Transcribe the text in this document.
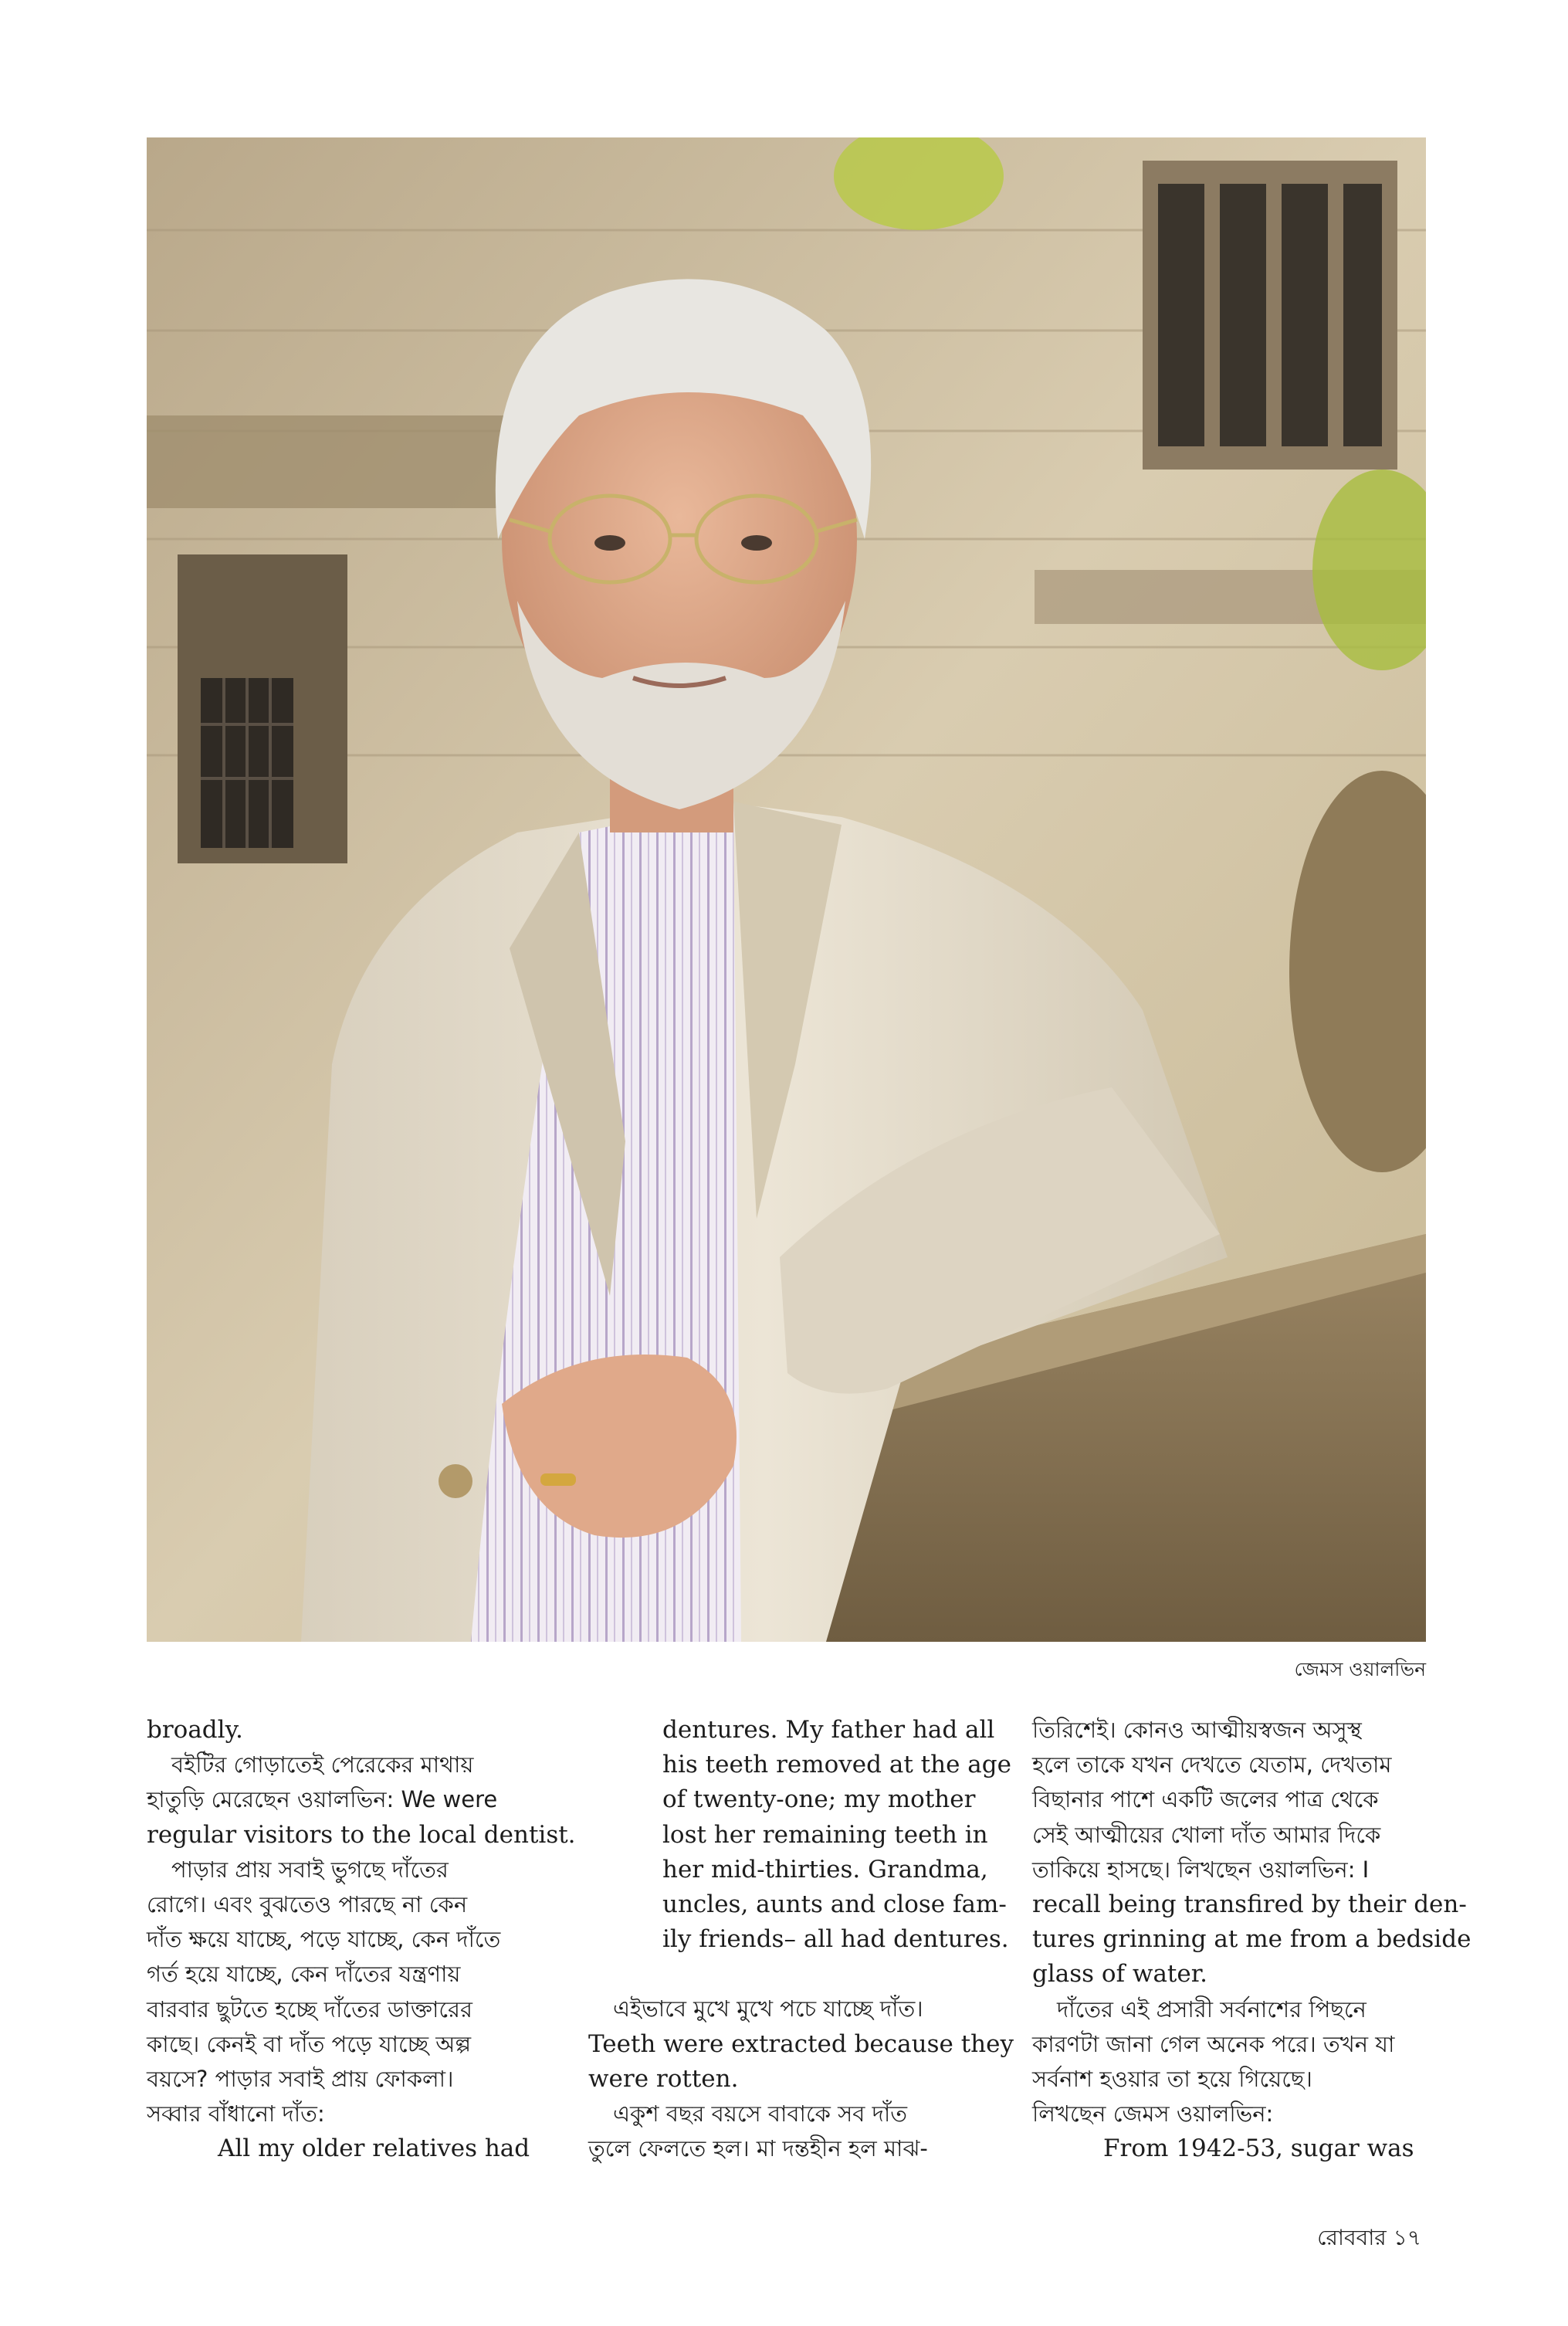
জেমস ওয়ালভিন

broadly.

বইটির গোড়াতেই পেরেকের মাথায়

হাতুড়ি মেরেছেন ওয়ালভিন: We were

regular visitors to the local dentist.

পাড়ার প্রায় সবাই ভুগছে দাঁতের

রোগে। এবং বুঝতেও পারছে না কেন

দাঁত ক্ষয়ে যাচ্ছে, পড়ে যাচ্ছে, কেন দাঁতে

গর্ত হয়ে যাচ্ছে, কেন দাঁতের যন্ত্রণায়

বারবার ছুটতে হচ্ছে দাঁতের ডাক্তারের

কাছে। কেনই বা দাঁত পড়ে যাচ্ছে অল্প

বয়সে? পাড়ার সবাই প্রায় ফোকলা।

সব্বার বাঁধানো দাঁত:

All my older relatives had

dentures. My father had all

his teeth removed at the age

of twenty-one; my mother

lost her remaining teeth in

her mid-thirties. Grandma,

uncles, aunts and close fam-

ily friends– all had dentures.

এইভাবে মুখে মুখে পচে যাচ্ছে দাঁত।

Teeth were extracted because they

were rotten.

একুশ বছর বয়সে বাবাকে সব দাঁত

তুলে ফেলতে হল। মা দন্তহীন হল মাঝ-

তিরিশেই। কোনও আত্মীয়স্বজন অসুস্থ

হলে তাকে যখন দেখতে যেতাম, দেখতাম

বিছানার পাশে একটি জলের পাত্র থেকে

সেই আত্মীয়ের খোলা দাঁত আমার দিকে

তাকিয়ে হাসছে। লিখছেন ওয়ালভিন: I

recall being transfired by their den-

tures grinning at me from a bedside

glass of water.

দাঁতের এই প্রসারী সর্বনাশের পিছনে

কারণটা জানা গেল অনেক পরে। তখন যা

সর্বনাশ হওয়ার তা হয়ে গিয়েছে।

লিখছেন জেমস ওয়ালভিন:

From 1942-53, sugar was

রোববার ১৭
